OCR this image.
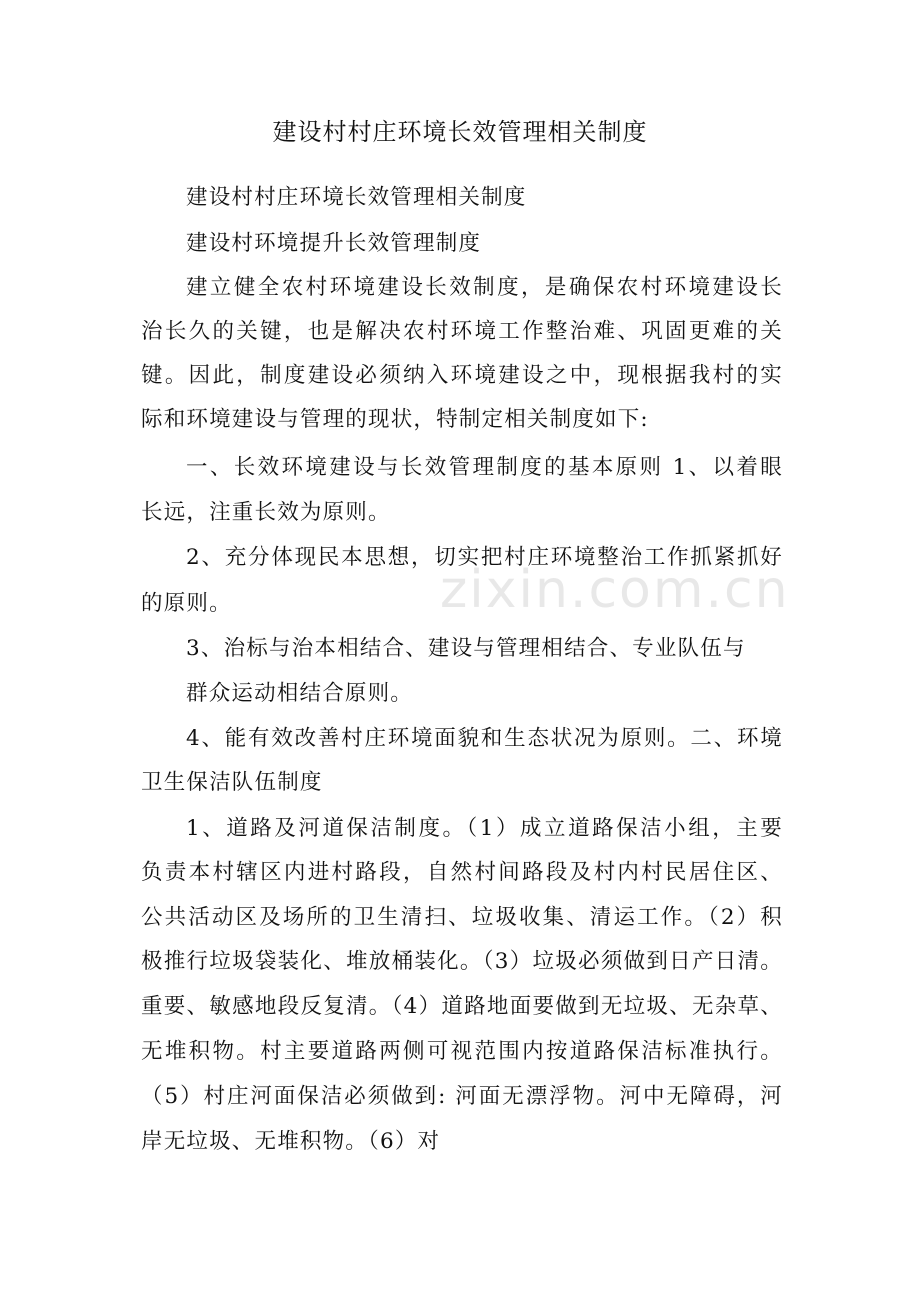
zixin.com.cn
建设村村庄环境长效管理相关制度
建设村村庄环境长效管理相关制度
建设村环境提升长效管理制度
建立健全农村环境建设长效制度，是确保农村环境建设长
治长久的关键，也是解决农村环境工作整治难、巩固更难的关
键。因此，制度建设必须纳入环境建设之中，现根据我村的实
际和环境建设与管理的现状，特制定相关制度如下:
一、长效环境建设与长效管理制度的基本原则 1、以着眼
长远，注重长效为原则。
2、充分体现民本思想，切实把村庄环境整治工作抓紧抓好
的原则。
3、治标与治本相结合、建设与管理相结合、专业队伍与
群众运动相结合原则。
4、能有效改善村庄环境面貌和生态状况为原则。二、环境
卫生保洁队伍制度
1、道路及河道保洁制度。（1）成立道路保洁小组，主要
负责本村辖区内进村路段，自然村间路段及村内村民居住区、
公共活动区及场所的卫生清扫、垃圾收集、清运工作。（2）积
极推行垃圾袋装化、堆放桶装化。（3）垃圾必须做到日产日清。
重要、敏感地段反复清。（4）道路地面要做到无垃圾、无杂草、
无堆积物。村主要道路两侧可视范围内按道路保洁标准执行。
（5）村庄河面保洁必须做到: 河面无漂浮物。河中无障碍，河
岸无垃圾、无堆积物。（6）对
